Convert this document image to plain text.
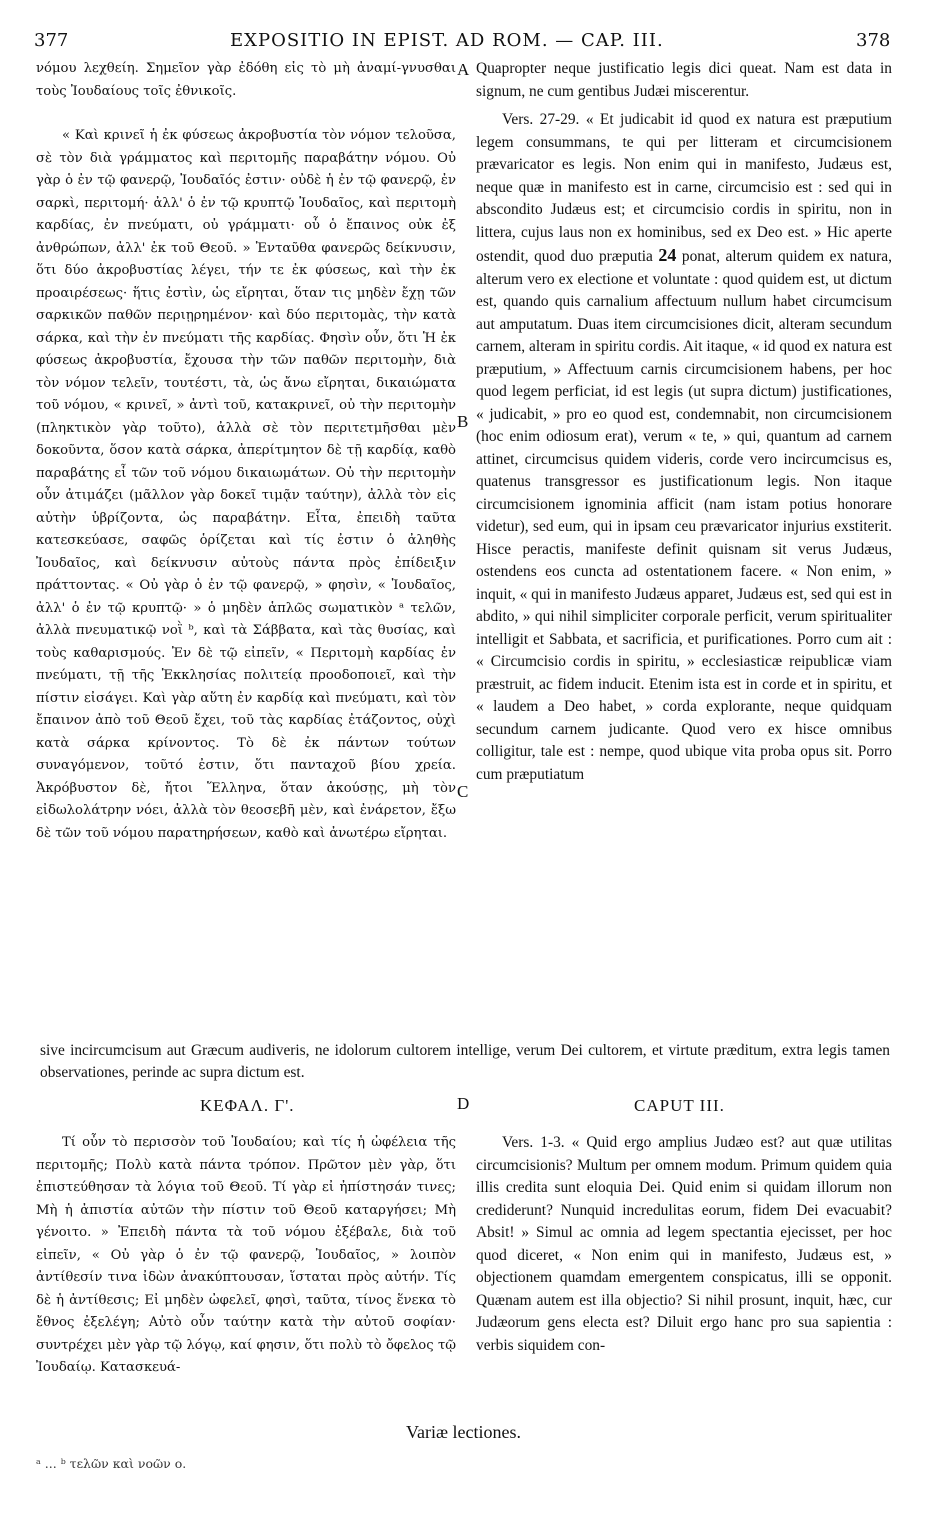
377	EXPOSITIO IN EPIST. AD ROM. — CAP. III.	378

νόμου λεχθείη. Σημεῖον γὰρ ἐδόθη εἰς τὸ μὴ ἀναμί-γνυσθαι τοὺς Ἰουδαίους τοῖς ἐθνικοῖς.

« Καὶ κρινεῖ ἡ ἐκ φύσεως ἀκροβυστία τὸν νόμον τελοῦσα, σὲ τὸν διὰ γράμματος καὶ περιτομῆς παραβάτην νόμου. Οὐ γὰρ ὁ ἐν τῷ φανερῷ, Ἰουδαῖός ἐστιν· οὐδὲ ἡ ἐν τῷ φανερῷ, ἐν σαρκὶ, περιτομή· ἀλλ' ὁ ἐν τῷ κρυπτῷ Ἰουδαῖος, καὶ περιτομὴ καρδίας, ἐν πνεύματι, οὐ γράμματι· οὗ ὁ ἔπαινος οὐκ ἐξ ἀνθρώπων, ἀλλ' ἐκ τοῦ Θεοῦ. » Ἐνταῦθα φανερῶς δείκνυσιν, ὅτι δύο ἀκροβυστίας λέγει, τήν τε ἐκ φύσεως, καὶ τὴν ἐκ προαιρέσεως· ἥτις ἐστὶν, ὡς εἴρηται, ὅταν τις μηδὲν ἔχῃ τῶν σαρκικῶν παθῶν περιῃρημένον· καὶ δύο περιτομὰς, τὴν κατὰ σάρκα, καὶ τὴν ἐν πνεύματι τῆς καρδίας. Φησὶν οὖν, ὅτι Ἡ ἐκ φύσεως ἀκροβυστία, ἔχουσα τὴν τῶν παθῶν περιτομὴν, διὰ τὸν νόμον τελεῖν, τουτέστι, τὰ, ὡς ἄνω εἴρηται, δικαιώματα τοῦ νόμου, « κρινεῖ, » ἀντὶ τοῦ, κατακρινεῖ, οὐ τὴν περιτομὴν (πληκτικὸν γὰρ τοῦτο), ἀλλὰ σὲ τὸν περιτετμῆσθαι μὲν δοκοῦντα, ὅσον κατὰ σάρκα, ἀπερίτμητον δὲ τῇ καρδίᾳ, καθὸ παραβάτης εἶ τῶν τοῦ νόμου δικαιωμάτων. Οὐ τὴν περιτομὴν οὖν ἀτιμάζει (μᾶλλον γὰρ δοκεῖ τιμᾷν ταύτην), ἀλλὰ τὸν εἰς αὐτὴν ὑβρίζοντα, ὡς παραβάτην. Εἶτα, ἐπειδὴ ταῦτα κατεσκεύασε, σαφῶς ὁρίζεται καὶ τίς ἐστιν ὁ ἀληθὴς Ἰουδαῖος, καὶ δείκνυσιν αὐτοὺς πάντα πρὸς ἐπίδειξιν πράττοντας. « Οὐ γὰρ ὁ ἐν τῷ φανερῷ, » φησὶν, « Ἰουδαῖος, ἀλλ' ὁ ἐν τῷ κρυπτῷ· » ὁ μηδὲν ἁπλῶς σωματικὸν ᵃ τελῶν, ἀλλὰ πνευματικῷ νοῒ ᵇ, καὶ τὰ Σάββατα, καὶ τὰς θυσίας, καὶ τοὺς καθαρισμούς. Ἐν δὲ τῷ εἰπεῖν, « Περιτομὴ καρδίας ἐν πνεύματι, τῇ τῆς Ἐκκλησίας πολιτείᾳ προοδοποιεῖ, καὶ τὴν πίστιν εἰσάγει. Καὶ γὰρ αὕτη ἐν καρδίᾳ καὶ πνεύματι, καὶ τὸν ἔπαινον ἀπὸ τοῦ Θεοῦ ἔχει, τοῦ τὰς καρδίας ἐτάζοντος, οὐχὶ κατὰ σάρκα κρίνοντος. Τὸ δὲ ἐκ πάντων τούτων συναγόμενον, τοῦτό ἐστιν, ὅτι πανταχοῦ βίου χρεία. Ἀκρόβυστον δὲ, ἤτοι Ἕλληνα, ὅταν ἀκούσῃς, μὴ τὸν εἰδωλολάτρην νόει, ἀλλὰ τὸν θεοσεβῆ μὲν, καὶ ἐνάρετον, ἔξω δὲ τῶν τοῦ νόμου παρατηρήσεων, καθὸ καὶ ἀνωτέρω εἴρηται.

Quapropter neque justificatio legis dici queat. Nam est data in signum, ne cum gentibus Judæi miscerentur.

Vers. 27-29. « Et judicabit id quod ex natura est præputium legem consummans, te qui per litteram et circumcisionem prævaricator es legis. Non enim qui in manifesto, Judæus est, neque quæ in manifesto est in carne, circumcisio est : sed qui in abscondito Judæus est; et circumcisio cordis in spiritu, non in littera, cujus laus non ex hominibus, sed ex Deo est. » Hic aperte ostendit, quod duo præputia 24 ponat, alterum quidem ex natura, alterum vero ex electione et voluntate : quod quidem est, ut dictum est, quando quis carnalium affectuum nullum habet circumcisum aut amputatum. Duas item circumcisiones dicit, alteram secundum carnem, alteram in spiritu cordis. Ait itaque, « id quod ex natura est præputium, » Affectuum carnis circumcisionem habens, per hoc quod legem perficiat, id est legis (ut supra dictum) justificationes, « judicabit, » pro eo quod est, condemnabit, non circumcisionem (hoc enim odiosum erat), verum « te, » qui, quantum ad carnem attinet, circumcisus quidem videris, corde vero incircumcisus es, quatenus transgressor es justificationum legis. Non itaque circumcisionem ignominia afficit (nam istam potius honorare videtur), sed eum, qui in ipsam ceu prævaricator injurius exstiterit. Hisce peractis, manifeste definit quisnam sit verus Judæus, ostendens eos cuncta ad ostentationem facere. « Non enim, » inquit, « qui in manifesto Judæus apparet, Judæus est, sed qui est in abdito, » qui nihil simpliciter corporale perficit, verum spiritualiter intelligit et Sabbata, et sacrificia, et purificationes. Porro cum ait : « Circumcisio cordis in spiritu, » ecclesiasticæ reipublicæ viam præstruit, ac fidem inducit. Etenim ista est in corde et in spiritu, et « laudem a Deo habet, » corda explorante, neque quidquam secundum carnem judicante. Quod vero ex hisce omnibus colligitur, tale est : nempe, quod ubique vita proba opus sit. Porro cum præputiatum

A
B
C
D
sive incircumcisum aut Græcum audiveris, ne idolorum cultorem intellige, verum Dei cultorem, et virtute præditum, extra legis tamen observationes, perinde ac supra dictum est.
ΚΕΦΑΛ. Γ'.	CAPUT III.

Τί οὖν τὸ περισσὸν τοῦ Ἰουδαίου; καὶ τίς ἡ ὠφέλεια τῆς περιτομῆς; Πολὺ κατὰ πάντα τρόπον. Πρῶτον μὲν γὰρ, ὅτι ἐπιστεύθησαν τὰ λόγια τοῦ Θεοῦ. Τί γὰρ εἰ ἠπίστησάν τινες; Μὴ ἡ ἀπιστία αὐτῶν τὴν πίστιν τοῦ Θεοῦ καταργήσει; Μὴ γένοιτο. » Ἐπειδὴ πάντα τὰ τοῦ νόμου ἐξέβαλε, διὰ τοῦ εἰπεῖν, « Οὐ γὰρ ὁ ἐν τῷ φανερῷ, Ἰουδαῖος, » λοιπὸν ἀντίθεσίν τινα ἰδὼν ἀνακύπτουσαν, ἵσταται πρὸς αὐτήν. Τίς δὲ ἡ ἀντίθεσις; Εἰ μηδὲν ὠφελεῖ, φησὶ, ταῦτα, τίνος ἕνεκα τὸ ἔθνος ἐξελέγη; Αὐτὸ οὖν ταύτην κατὰ τὴν αὐτοῦ σοφίαν· συντρέχει μὲν γὰρ τῷ λόγῳ, καί φησιν, ὅτι πολὺ τὸ ὄφελος τῷ Ἰουδαίῳ. Κατασκευά-

Vers. 1-3. « Quid ergo amplius Judæo est? aut quæ utilitas circumcisionis? Multum per omnem modum. Primum quidem quia illis credita sunt eloquia Dei. Quid enim si quidam illorum non crediderunt? Nunquid incredulitas eorum, fidem Dei evacuabit? Absit! » Simul ac omnia ad legem spectantia ejecisset, per hoc quod diceret, « Non enim qui in manifesto, Judæus est, » objectionem quamdam emergentem conspicatus, illi se opponit. Quænam autem est illa objectio? Si nihil prosunt, inquit, hæc, cur Judæorum gens electa est? Diluit ergo hanc pro sua sapientia : verbis siquidem con-

Variæ lectiones.
ᵃ ... ᵇ τελῶν καὶ νοῶν ο.
